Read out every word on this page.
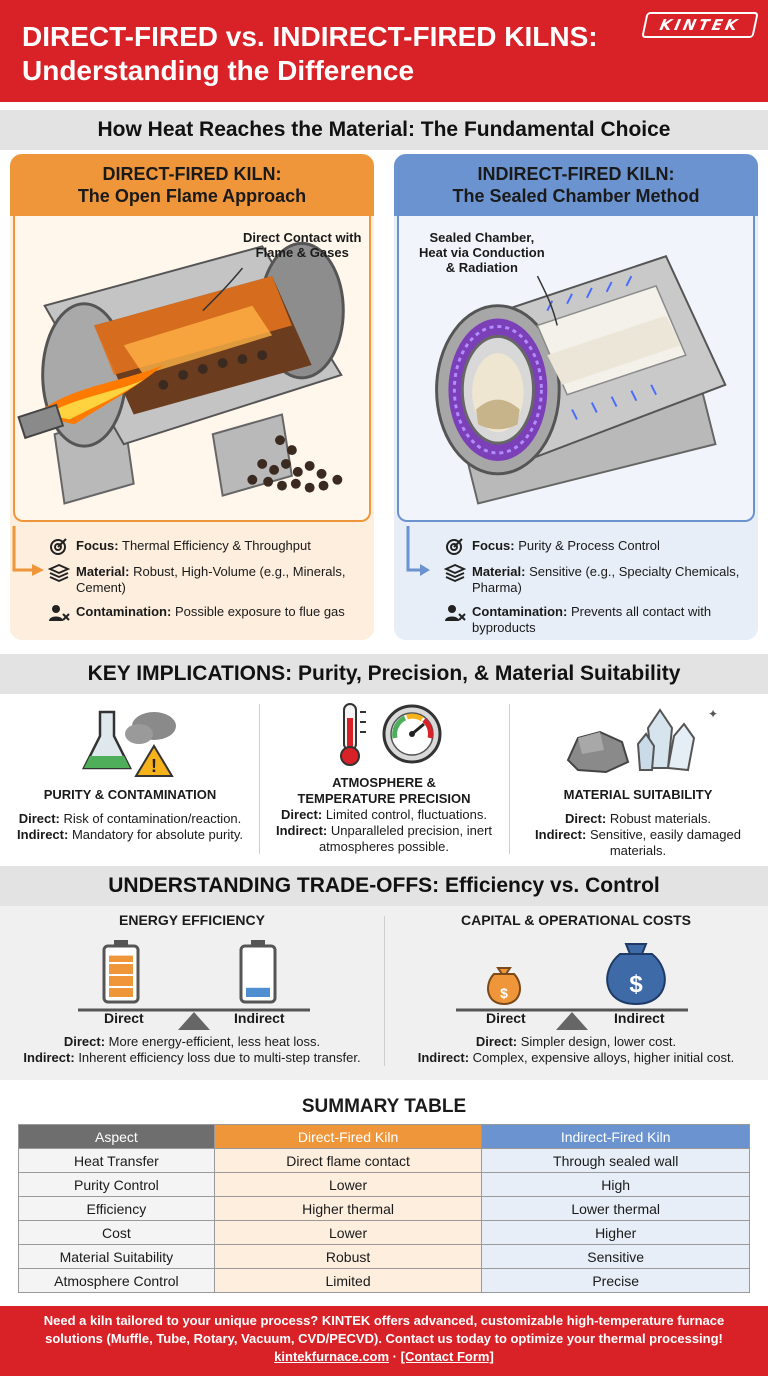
DIRECT-FIRED vs. INDIRECT-FIRED KILNS:
Understanding the Difference
KINTEK
How Heat Reaches the Material: The Fundamental Choice
DIRECT-FIRED KILN:
The Open Flame Approach
Direct Contact with
Flame & Gases
Focus: Thermal Efficiency & Throughput
Material: Robust, High-Volume (e.g., Minerals, Cement)
Contamination: Possible exposure to flue gas
INDIRECT-FIRED KILN:
The Sealed Chamber Method
Sealed Chamber,
Heat via Conduction
& Radiation
Focus: Purity & Process Control
Material: Sensitive (e.g., Specialty Chemicals, Pharma)
Contamination: Prevents all contact with byproducts
KEY IMPLICATIONS: Purity, Precision, & Material Suitability
!
PURITY & CONTAMINATION
Direct: Risk of contamination/reaction.
Indirect: Mandatory for absolute purity.
ATMOSPHERE &
TEMPERATURE PRECISION
Direct: Limited control, fluctuations.
Indirect: Unparalleled precision, inert atmospheres possible.
✦
MATERIAL SUITABILITY
Direct: Robust materials.
Indirect: Sensitive, easily damaged materials.
UNDERSTANDING TRADE-OFFS: Efficiency vs. Control
ENERGY EFFICIENCY
Direct	Indirect
Direct: More energy-efficient, less heat loss.
Indirect: Inherent efficiency loss due to multi-step transfer.
CAPITAL & OPERATIONAL COSTS
$	$
Direct	Indirect
Direct: Simpler design, lower cost.
Indirect: Complex, expensive alloys, higher initial cost.
SUMMARY TABLE
Aspect	Direct-Fired Kiln	Indirect-Fired Kiln
Heat Transfer	Direct flame contact	Through sealed wall
Purity Control	Lower	High
Efficiency	Higher thermal	Lower thermal
Cost	Lower	Higher
Material Suitability	Robust	Sensitive
Atmosphere Control	Limited	Precise
Need a kiln tailored to your unique process? KINTEK offers advanced, customizable high-temperature furnace
solutions (Muffle, Tube, Rotary, Vacuum, CVD/PECVD). Contact us today to optimize your thermal processing!
kintekfurnace.com · [Contact Form]
